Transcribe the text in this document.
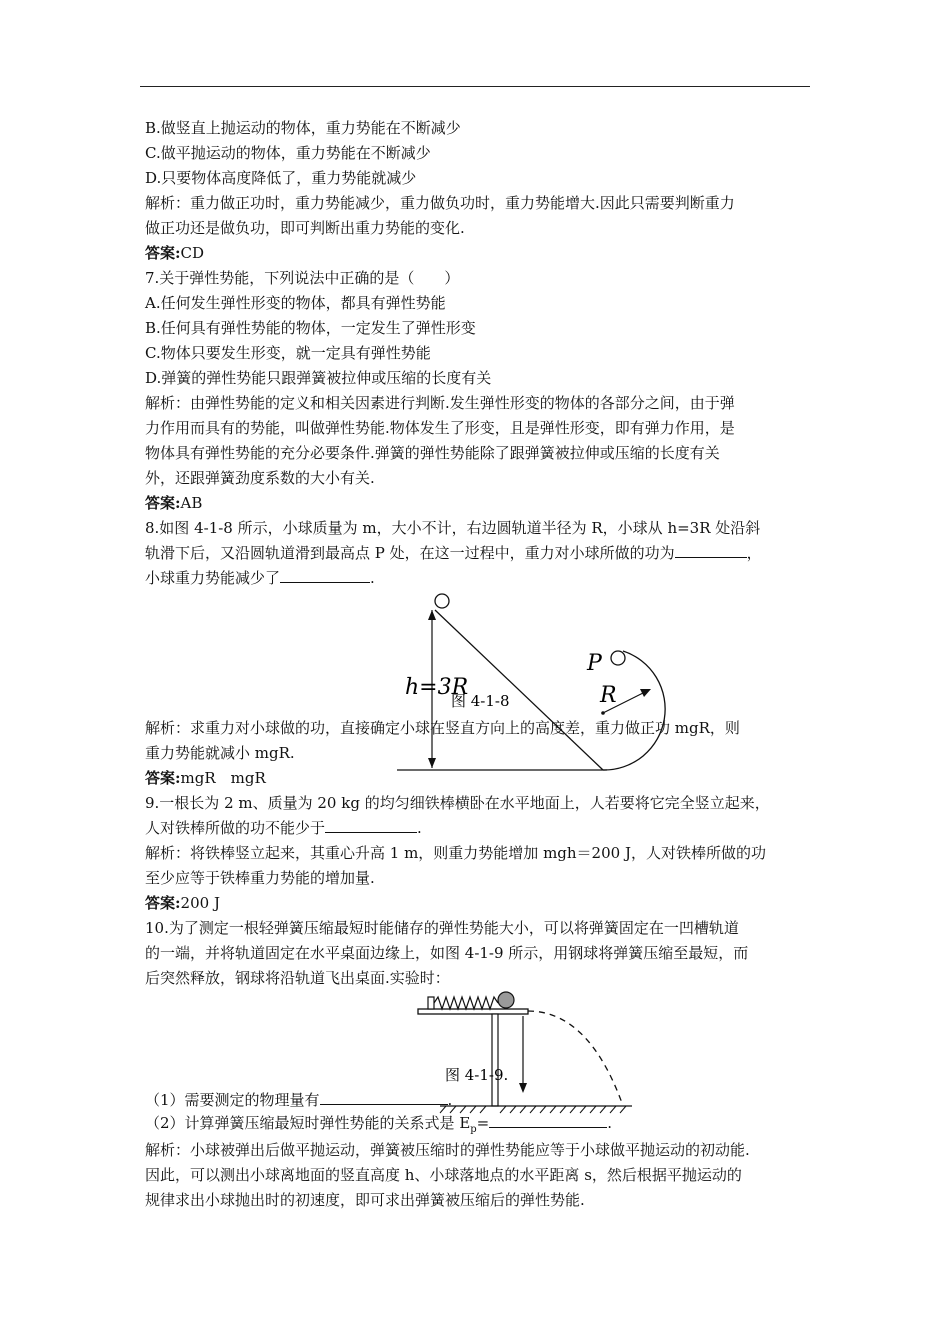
B.做竖直上抛运动的物体，重力势能在不断减少
C.做平抛运动的物体，重力势能在不断减少
D.只要物体高度降低了，重力势能就减少
解析：重力做正功时，重力势能减少，重力做负功时，重力势能增大.因此只需要判断重力
做正功还是做负功，即可判断出重力势能的变化.
答案:CD
7.关于弹性势能，下列说法中正确的是（　　）
A.任何发生弹性形变的物体，都具有弹性势能
B.任何具有弹性势能的物体，一定发生了弹性形变
C.物体只要发生形变，就一定具有弹性势能
D.弹簧的弹性势能只跟弹簧被拉伸或压缩的长度有关
解析：由弹性势能的定义和相关因素进行判断.发生弹性形变的物体的各部分之间，由于弹
力作用而具有的势能，叫做弹性势能.物体发生了形变，且是弹性形变，即有弹力作用，是
物体具有弹性势能的充分必要条件.弹簧的弹性势能除了跟弹簧被拉伸或压缩的长度有关
外，还跟弹簧劲度系数的大小有关.
答案:AB
8.如图 4-1-8 所示，小球质量为 m，大小不计，右边圆轨道半径为 R，小球从 h=3R 处沿斜
轨滑下后，又沿圆轨道滑到最高点 P 处，在这一过程中，重力对小球所做的功为	，
小球重力势能减少了	.
h=3R
P
R
图 4-1-8
解析：求重力对小球做的功，直接确定小球在竖直方向上的高度差，重力做正功 mgR，则
重力势能就减小 mgR.
答案:mgR　mgR
9.一根长为 2 m、质量为 20 kg 的均匀细铁棒横卧在水平地面上，人若要将它完全竖立起来，
人对铁棒所做的功不能少于	.
解析：将铁棒竖立起来，其重心升高 1 m，则重力势能增加 mgh＝200 J，人对铁棒所做的功
至少应等于铁棒重力势能的增加量.
答案:200 J
10.为了测定一根轻弹簧压缩最短时能储存的弹性势能大小，可以将弹簧固定在一凹槽轨道
的一端，并将轨道固定在水平桌面边缘上，如图 4-1-9 所示，用钢球将弹簧压缩至最短，而
后突然释放，钢球将沿轨道飞出桌面.实验时：
图 4-1-9.
（1）需要测定的物理量有	.
（2）计算弹簧压缩最短时弹性势能的关系式是 $E_p=$	.
解析：小球被弹出后做平抛运动，弹簧被压缩时的弹性势能应等于小球做平抛运动的初动能.
因此，可以测出小球离地面的竖直高度 h、小球落地点的水平距离 s，然后根据平抛运动的
规律求出小球抛出时的初速度，即可求出弹簧被压缩后的弹性势能.
